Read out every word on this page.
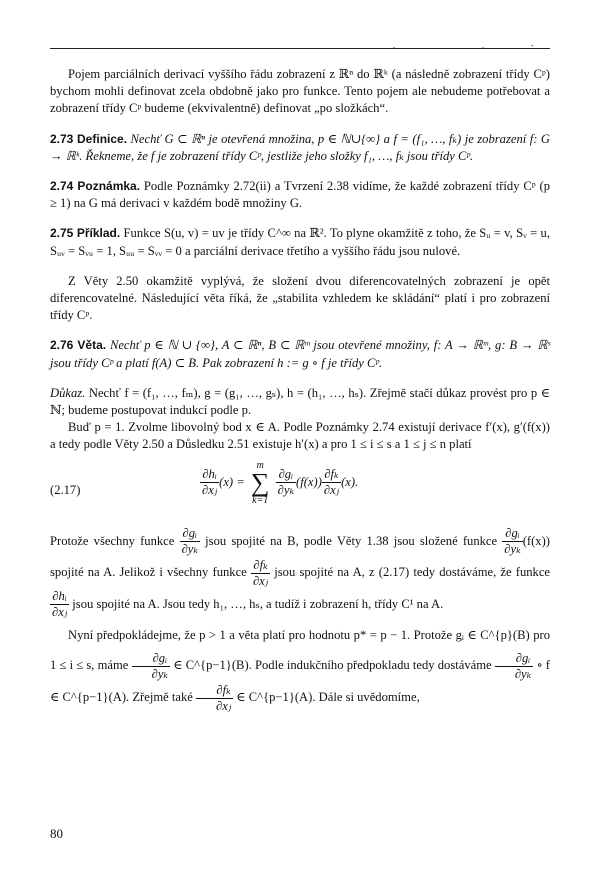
.	.	-

Pojem parciálních derivací vyššího řádu zobrazení z ℝⁿ do ℝᵏ (a následně zobrazení třídy Cᵖ) bychom mohli definovat zcela obdobně jako pro funkce. Tento pojem ale nebudeme potřebovat a zobrazení třídy Cᵖ budeme (ekvivalentně) definovat „po složkách“.

2.73 Definice. Nechť G ⊂ ℝⁿ je otevřená množina, p ∈ ℕ∪{∞} a f = (f₁, …, fₖ) je zobrazení f: G → ℝᵏ. Řekneme, že f je zobrazení třídy Cᵖ, jestliže jeho složky f₁, …, fₖ jsou třídy Cᵖ.

2.74 Poznámka. Podle Poznámky 2.72(ii) a Tvrzení 2.38 vidíme, že každé zobrazení třídy Cᵖ (p ≥ 1) na G má derivaci v každém bodě množiny G.

2.75 Příklad. Funkce S(u, v) = uv je třídy C^∞ na ℝ². To plyne okamžitě z toho, že Sᵤ = v, Sᵥ = u, Sᵤᵥ = Sᵥᵤ = 1, Sᵤᵤ = Sᵥᵥ = 0 a parciální derivace třetího a vyššího řádu jsou nulové.

Z Věty 2.50 okamžitě vyplývá, že složení dvou diferencovatelných zobrazení je opět diferencovatelné. Následující věta říká, že „stabilita vzhledem ke skládání“ platí i pro zobrazení třídy Cᵖ.

2.76 Věta. Nechť p ∈ ℕ ∪ {∞}, A ⊂ ℝⁿ, B ⊂ ℝᵐ jsou otevřené množiny, f: A → ℝᵐ, g: B → ℝˢ jsou třídy Cᵖ a platí f(A) ⊂ B. Pak zobrazení h := g ∘ f je třídy Cᵖ.

Důkaz. Nechť f = (f₁, …, fₘ), g = (g₁, …, gₛ), h = (h₁, …, hₛ). Zřejmě stačí důkaz provést pro p ∈ ℕ; budeme postupovat indukcí podle p.

Buď p = 1. Zvolme libovolný bod x ∈ A. Podle Poznámky 2.74 existují derivace f′(x), g′(f(x)) a tedy podle Věty 2.50 a Důsledku 2.51 existuje h′(x) a pro 1 ≤ i ≤ s a 1 ≤ j ≤ n platí

(2.17)	$\frac{\text{∂hᵢ}}{\text{∂xⱼ}} (x)$ =
m
∑
k=1

$\frac{\text{∂gᵢ}}{\text{∂yₖ}} (f(x)) \frac{\text{∂fₖ}}{\text{∂xⱼ}} (x)$.

Protože všechny funkce $\frac{\text{∂gᵢ}}{\text{∂yₖ}}$ jsou spojité na B, podle Věty 1.38 jsou složené funkce $\frac{\text{∂gᵢ}}{\text{∂yₖ}} (f(x))$ spojité na A. Jelikož i všechny funkce $\frac{\text{∂fₖ}}{\text{∂xⱼ}}$ jsou spojité na A, z (2.17) tedy dostáváme, že funkce
$\frac{\text{∂hᵢ}}{\text{∂xⱼ}}$ jsou spojité na A. Jsou tedy h₁, …, hₛ, a tudíž i zobrazení h, třídy C¹ na A.

Nyní předpokládejme, že p > 1 a věta platí pro hodnotu p* = p − 1. Protože gᵢ ∈ C^{p}(B) pro 1 ≤ i ≤ s, máme $\frac{\text{∂gᵢ}}{\text{∂yₖ}}$ ∈ C^{p−1}(B). Podle indukčního předpokladu tedy dostáváme $\frac{\text{∂gᵢ}}{\text{∂yₖ}}$ ∘ f ∈ C^{p−1}(A). Zřejmě také $\frac{\text{∂fₖ}}{\text{∂xⱼ}}$ ∈ C^{p−1}(A). Dále si uvědomíme,

80
